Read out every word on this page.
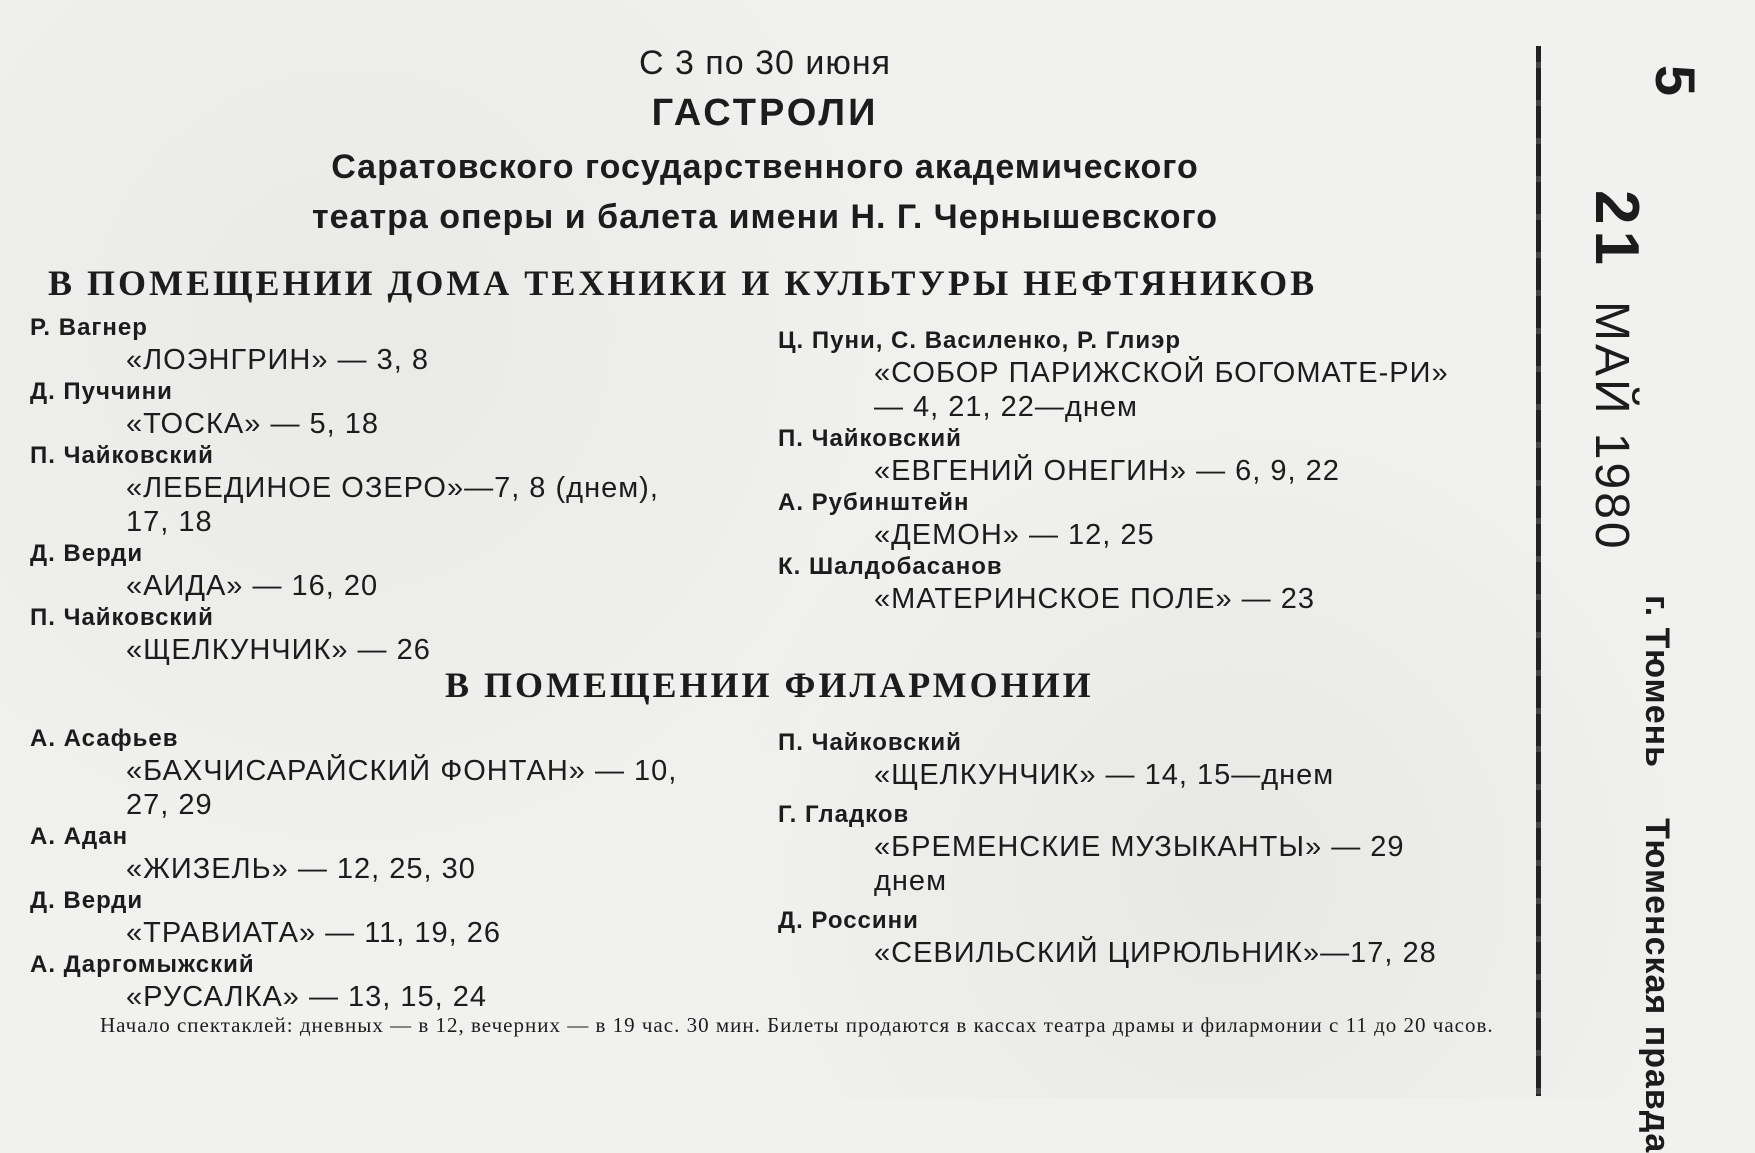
С 3 по 30 июня
ГАСТРОЛИ
Саратовского государственного академического
театра оперы и балета имени Н. Г. Чернышевского
В ПОМЕЩЕНИИ ДОМА ТЕХНИКИ И КУЛЬТУРЫ НЕФТЯНИКОВ
Р. Вагнер
«ЛОЭНГРИН» — 3, 8
Д. Пуччини
«ТОСКА» — 5, 18
П. Чайковский
«ЛЕБЕДИНОЕ ОЗЕРО»—7, 8 (днем), 17, 18
Д. Верди
«АИДА» — 16, 20
П. Чайковский
«ЩЕЛКУНЧИК» — 26
Ц. Пуни, С. Василенко, Р. Глиэр
«СОБОР ПАРИЖСКОЙ БОГОМАТЕ-РИ» — 4, 21, 22—днем
П. Чайковский
«ЕВГЕНИЙ ОНЕГИН» — 6, 9, 22
А. Рубинштейн
«ДЕМОН» — 12, 25
К. Шалдобасанов
«МАТЕРИНСКОЕ ПОЛЕ» — 23
В ПОМЕЩЕНИИ ФИЛАРМОНИИ
А. Асафьев
«БАХЧИСАРАЙСКИЙ ФОНТАН» — 10, 27, 29
А. Адан
«ЖИЗЕЛЬ» — 12, 25, 30
Д. Верди
«ТРАВИАТА» — 11, 19, 26
А. Даргомыжский
«РУСАЛКА» — 13, 15, 24
П. Чайковский
«ЩЕЛКУНЧИК» — 14, 15—днем
Г. Гладков
«БРЕМЕНСКИЕ МУЗЫКАНТЫ» — 29 днем
Д. Россини
«СЕВИЛЬСКИЙ ЦИРЮЛЬНИК»—17, 28
Начало спектаклей: дневных — в 12, вечерних — в 19 час. 30 мин. Билеты продаются в кассах театра драмы и филармонии с 11 до 20 часов.
5
21МАЙ 1980
г. ТюменьТюменская правда
